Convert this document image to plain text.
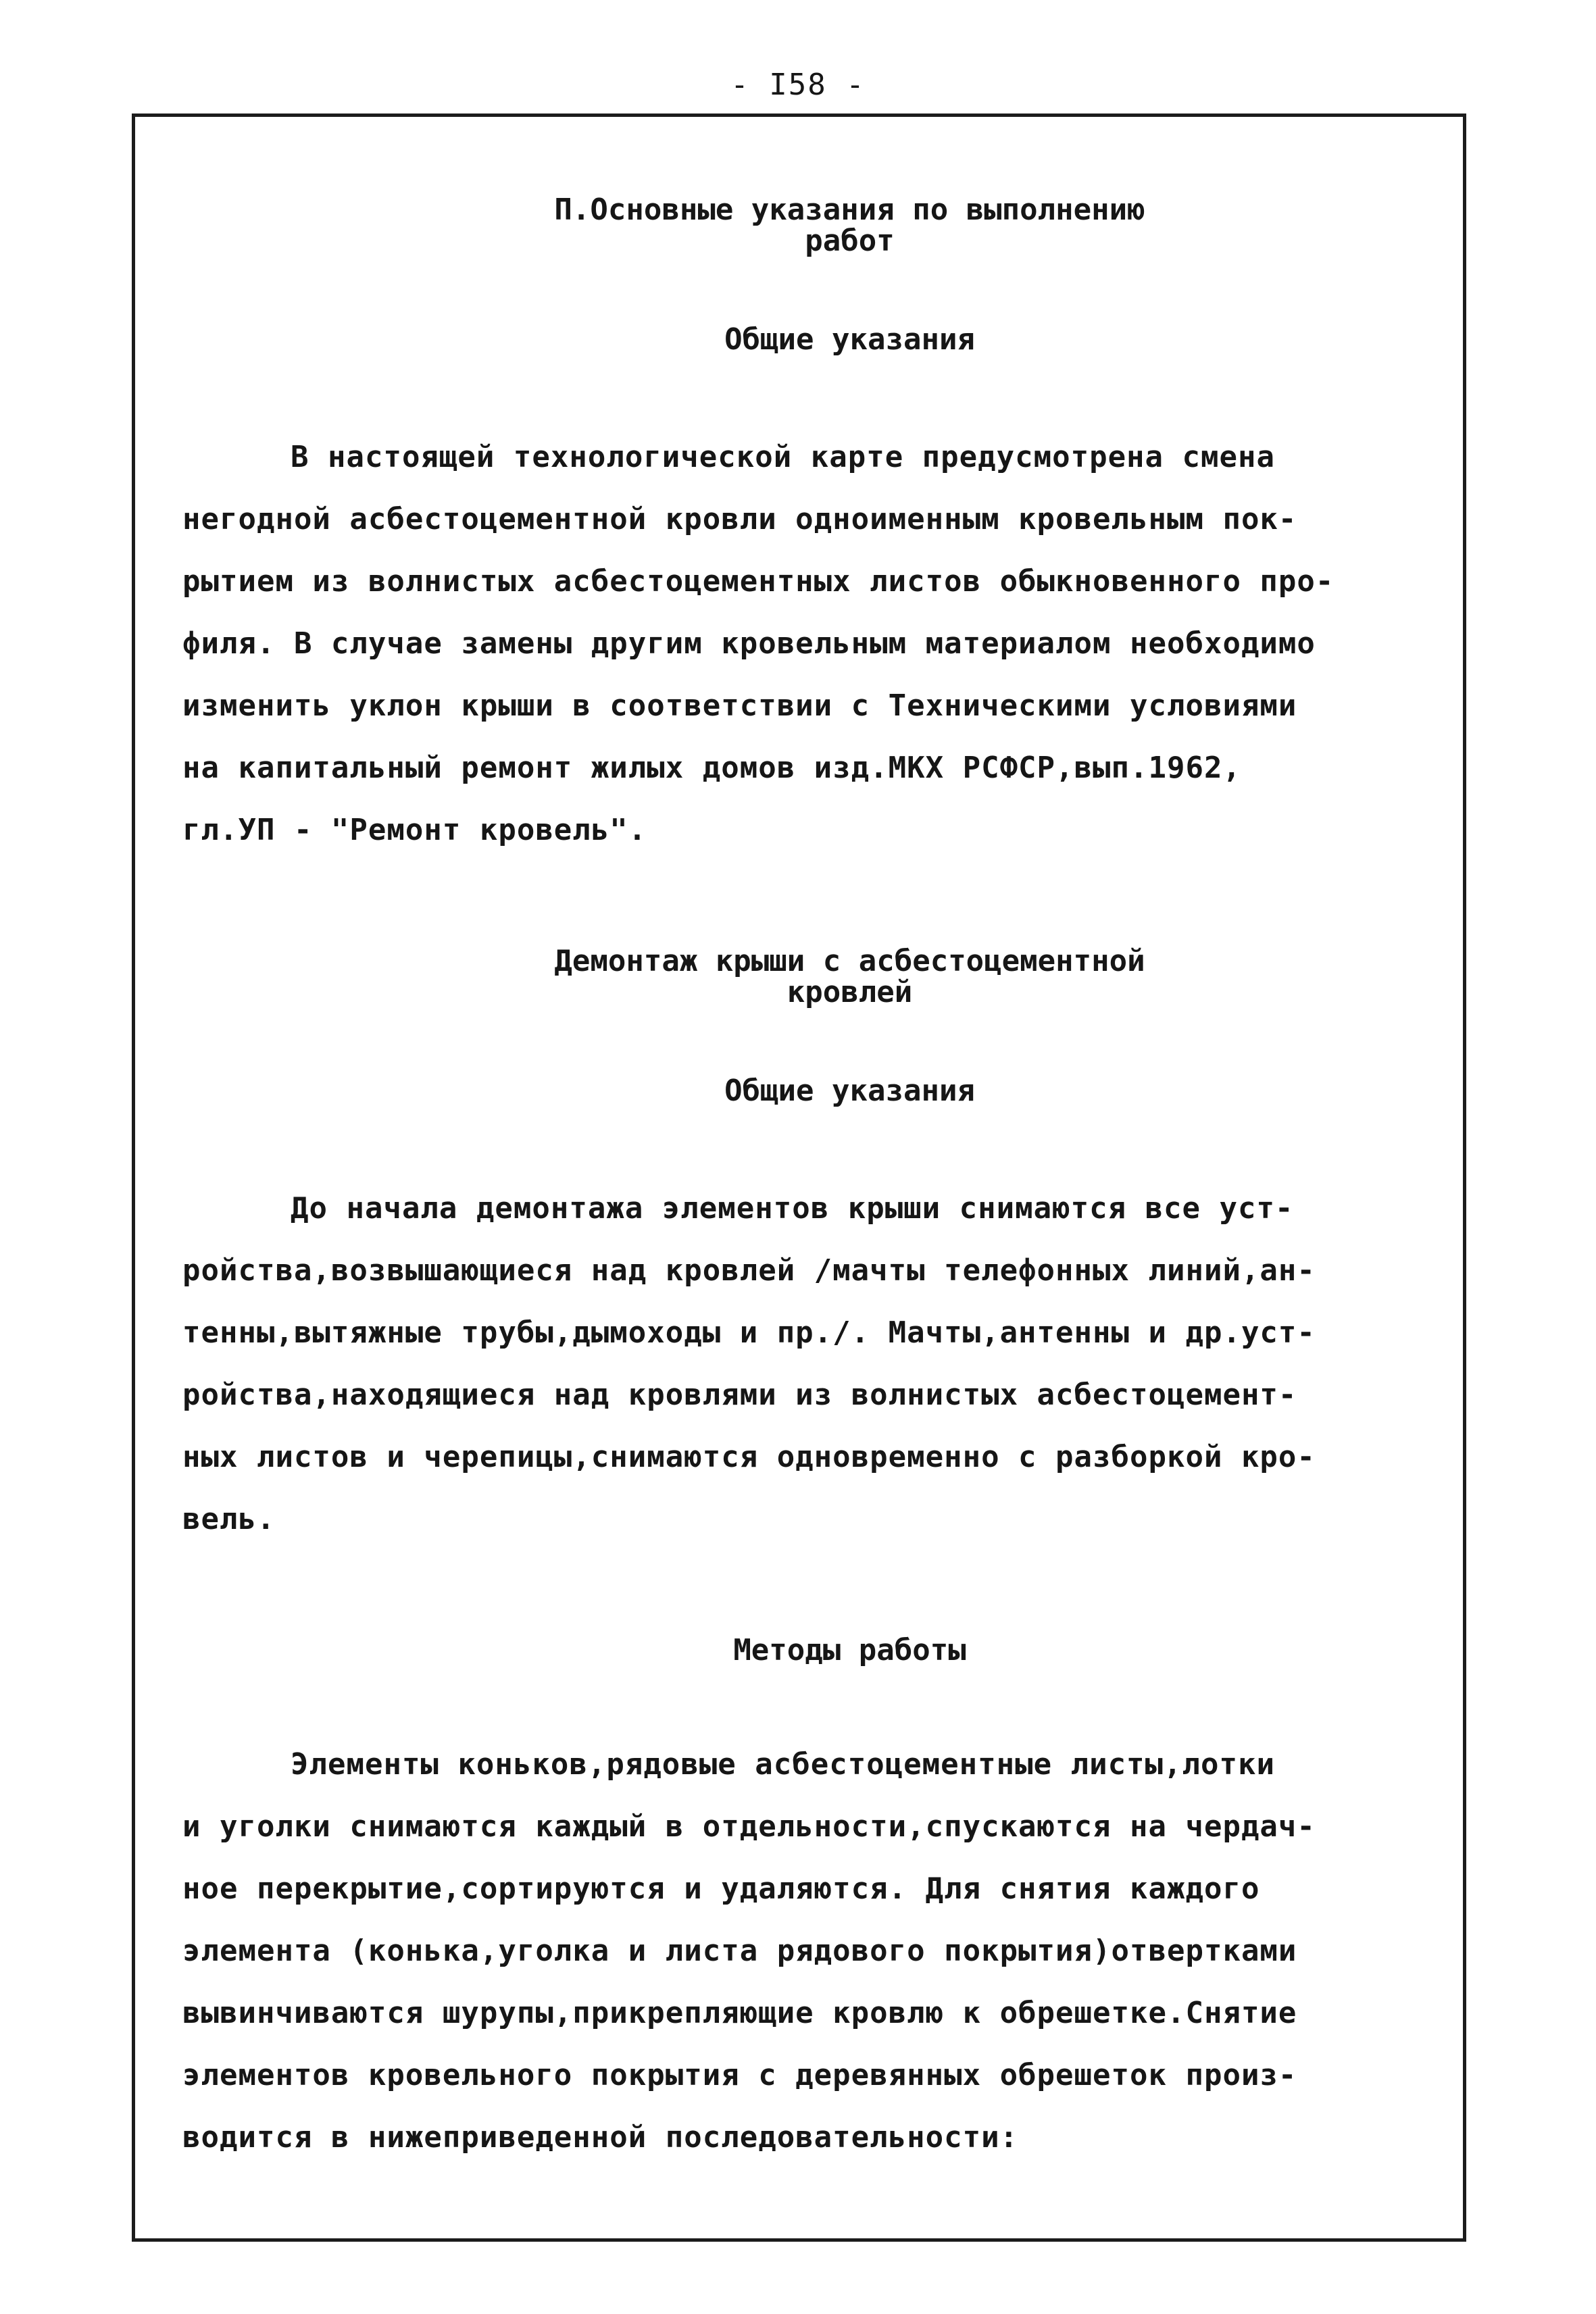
- I58 -
П.Основные указания по выполнению
работ
Общие указания

В настоящей технологической карте предусмотрена смена
негодной асбестоцементной кровли одноименным кровельным пок-
рытием из волнистых асбестоцементных листов обыкновенного про-
филя. В случае замены другим кровельным материалом необходимо
изменить уклон крыши в соответствии с Техническими условиями
на капитальный ремонт жилых домов изд.МКХ РСФСР,вып.1962,
гл.УП - "Ремонт кровель".

Демонтаж крыши с асбестоцементной
кровлей
Общие указания

До начала демонтажа элементов крыши снимаются все уст-
ройства,возвышающиеся над кровлей /мачты телефонных линий,ан-
тенны,вытяжные трубы,дымоходы и пр./. Мачты,антенны и др.уст-
ройства,находящиеся над кровлями из волнистых асбестоцемент-
ных листов и черепицы,снимаются одновременно с разборкой кро-
вель.

Методы работы

Элементы коньков,рядовые асбестоцементные листы,лотки
и уголки снимаются каждый в отдельности,спускаются на чердач-
ное перекрытие,сортируются и удаляются. Для снятия каждого
элемента (конька,уголка и листа рядового покрытия)отвертками
вывинчиваются шурупы,прикрепляющие кровлю к обрешетке.Снятие
элементов кровельного покрытия с деревянных обрешеток произ-
водится в нижеприведенной последовательности:
